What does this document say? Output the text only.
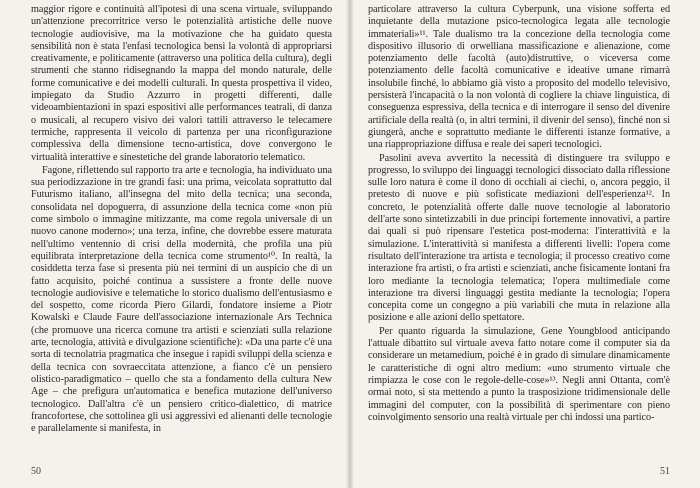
maggior rigore e continuità all'ipotesi di una scena virtuale, sviluppando un'attenzione precorritrice verso le potenzialità artistiche delle nuove tecnologie audiovisive, ma la motivazione che ha guidato questa sensibilità non è stata l'enfasi tecnologica bensì la volontà di appropriarsi creativamente, e politicamente (attraverso una politica della cultura), degli strumenti che stanno ridisegnando la mappa del mondo naturale, delle forme comunicative e dei modelli culturali. In questa prospettiva il video, impiegato da Studio Azzurro in progetti differenti, dalle videoambientazioni in spazi espositivi alle performances teatrali, di danza o musicali, al recupero visivo dei valori tattili attraverso le telecamere termiche, rappresenta il veicolo di partenza per una riconfigurazione complessiva della dimensione tecno-artistica, dove convergono le virtualità interattive e sinestetiche del grande laboratorio telematico.

Fagone, riflettendo sul rapporto tra arte e tecnologia, ha individuato una sua periodizzazione in tre grandi fasi: una prima, veicolata soprattutto dal Futurismo italiano, all'insegna del mito della tecnica; una seconda, consolidata nel dopoguerra, di assunzione della tecnica come «non più come simbolo o immagine mitizzante, ma come regola universale di un nuovo canone moderno»; una terza, infine, che dovrebbe essere maturata nell'ultimo ventennio di crisi della modernità, che profila una più equilibrata interpretazione della tecnica come strumento¹⁰. In realtà, la cosiddetta terza fase si presenta più nei termini di un auspicio che di un fatto acquisito, poiché continua a sussistere a fronte delle nuove tecnologie audiovisive e telematiche lo storico dualismo dell'entusiasmo e del sospetto, come ricorda Piero Gilardi, fondatore insieme a Piotr Kowalski e Claude Faure dell'associazione internazionale Ars Technica (che promuove una ricerca comune tra artisti e scienziati sulla relazione arte, tecnologia, attività e divulgazione scientifiche): «Da una parte c'è una sorta di tecnolatria pragmatica che insegue i rapidi sviluppi della scienza e della tecnica con sovraeccitata attenzione, a fianco c'è un pensiero olistico-paradigmatico – quello che sta a fondamento della cultura New Age – che prefigura un'automatica e benefica mutazione dell'universo tecnologico. Dall'altra c'è un pensiero critico-dialettico, di matrice francofortese, che sottolinea gli usi aggressivi ed alienanti delle tecnologie e parallelamente si manifesta, in

50

particolare attraverso la cultura Cyberpunk, una visione sofferta ed inquietante della mutazione psico-tecnologica legata alle tecnologie immateriali»¹¹. Tale dualismo tra la concezione della tecnologia come dispositivo illusorio di orwelliana massificazione e alienazione, come potenziamento delle facoltà (auto)distruttive, o viceversa come potenziamento delle facoltà comunicative e ideative umane rimarrà insolubile finché, lo abbiamo già visto a proposito del modello televisivo, persisterà l'incapacità o la non volontà di cogliere la chiave linguistica, di conseguenza espressiva, della tecnica e di interrogare il senso del divenire artificiale della realtà (o, in altri termini, il divenir del senso), finché non si giungerà, anche e soprattutto mediante le differenti istanze formative, a una riappropriazione diffusa e reale dei saperi tecnologici.

Pasolini aveva avvertito la necessità di distinguere tra sviluppo e progresso, lo sviluppo dei linguaggi tecnologici dissociato dalla riflessione sulle loro natura è come il dono di occhiali ai ciechi, o, ancora peggio, il pretesto di nuove e più sofisticate mediazioni dell'esperienza¹². In concreto, le potenzialità offerte dalle nuove tecnologie al laboratorio dell'arte sono sintetizzabili in due principi fortemente innovativi, a partire dai quali si può ripensare l'estetica post-moderna: l'interattività e la simulazione. L'interattività si manifesta a differenti livelli: l'opera come risultato dell'interazione tra artista e tecnologia; il processo creativo come interazione fra artisti, o fra artisti e scienziati, anche fisicamente lontani fra loro mediante la tecnologia telematica; l'opera multimediale come interazione tra diversi linguaggi gestita mediante la tecnologia; l'opera concepita come un congegno a più variabili che muta in relazione alla posizione e alle azioni dello spettatore.

Per quanto riguarda la simulazione, Gene Youngblood anticipando l'attuale dibattito sul virtuale aveva fatto notare come il computer sia da considerare un metamedium, poiché è in grado di simulare dinamicamente le caratteristiche di ogni altro medium: «uno strumento virtuale che rimpiazza le cose con le regole-delle-cose»¹³. Negli anni Ottanta, com'è ormai noto, si sta mettendo a punto la trasposizione tridimensionale delle immagini del computer, con la possibilità di sperimentare con pieno coinvolgimento sensorio una realtà virtuale per chi indossi una partico-

51
